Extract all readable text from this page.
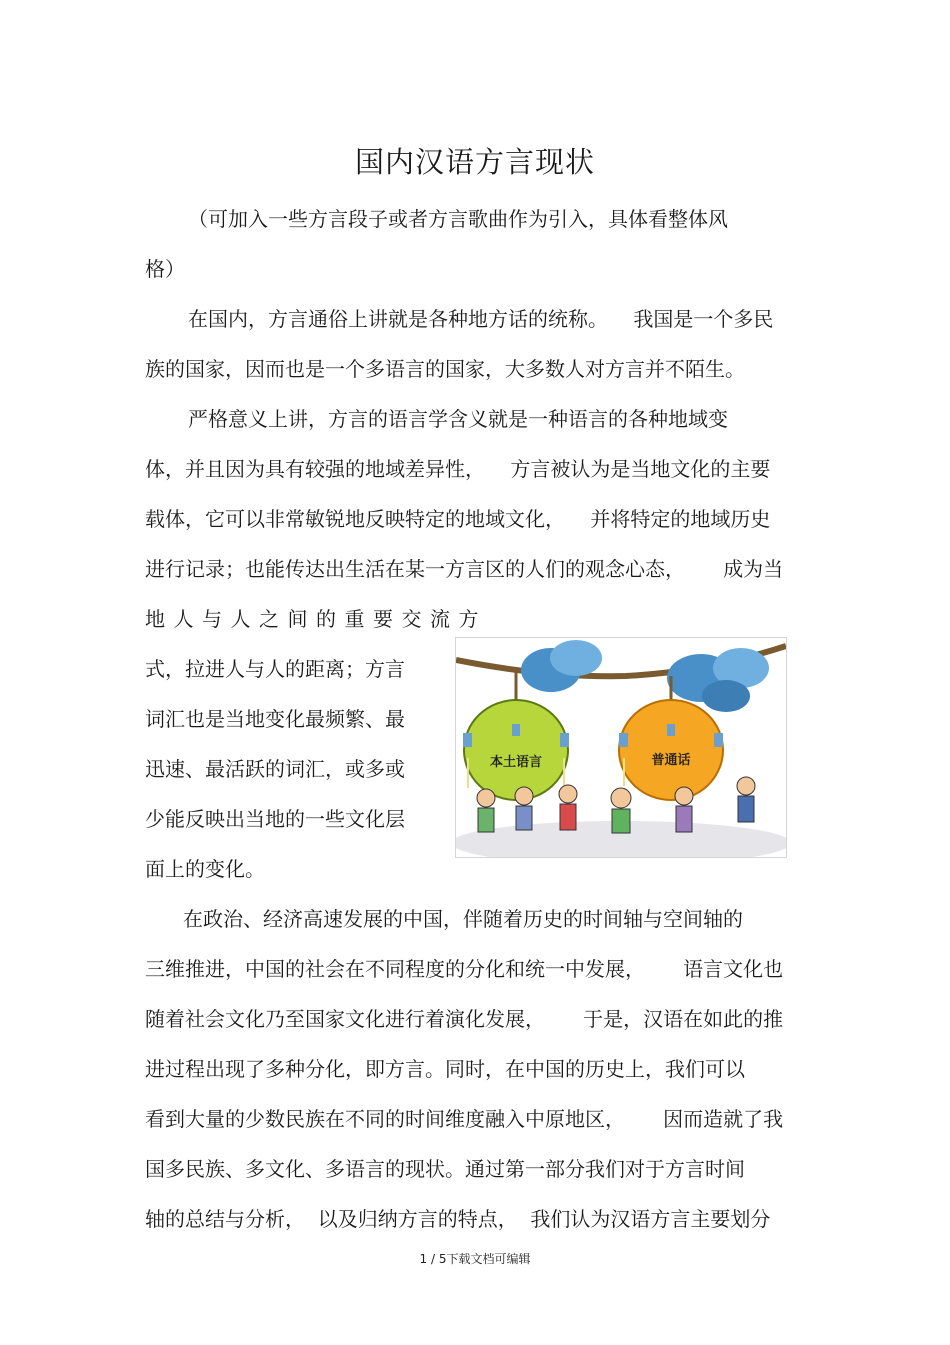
国内汉语方言现状
（可加入一些方言段子或者方言歌曲作为引入，具体看整体风
格）
在国内，方言通俗上讲就是各种地方话的统称。    我国是一个多民
族的国家，因而也是一个多语言的国家，大多数人对方言并不陌生。
严格意义上讲，方言的语言学含义就是一种语言的各种地域变
体，并且因为具有较强的地域差异性，    方言被认为是当地文化的主要
载体，它可以非常敏锐地反映特定的地域文化，    并将特定的地域历史
进行记录；也能传达出生活在某一方言区的人们的观念心态，      成为当
地人与人之间的重要交流方
式，拉进人与人的距离；方言
词汇也是当地变化最频繁、最
迅速、最活跃的词汇，或多或
少能反映出当地的一些文化层
面上的变化。
在政治、经济高速发展的中国，伴随着历史的时间轴与空间轴的
三维推进，中国的社会在不同程度的分化和统一中发展，      语言文化也
随着社会文化乃至国家文化进行着演化发展，      于是，汉语在如此的推
进过程出现了多种分化，即方言。同时，在中国的历史上，我们可以
看到大量的少数民族在不同的时间维度融入中原地区，      因而造就了我
国多民族、多文化、多语言的现状。通过第一部分我们对于方言时间
轴的总结与分析，  以及归纳方言的特点，  我们认为汉语方言主要划分
本土语言	普通话
1 / 5下载文档可编辑
